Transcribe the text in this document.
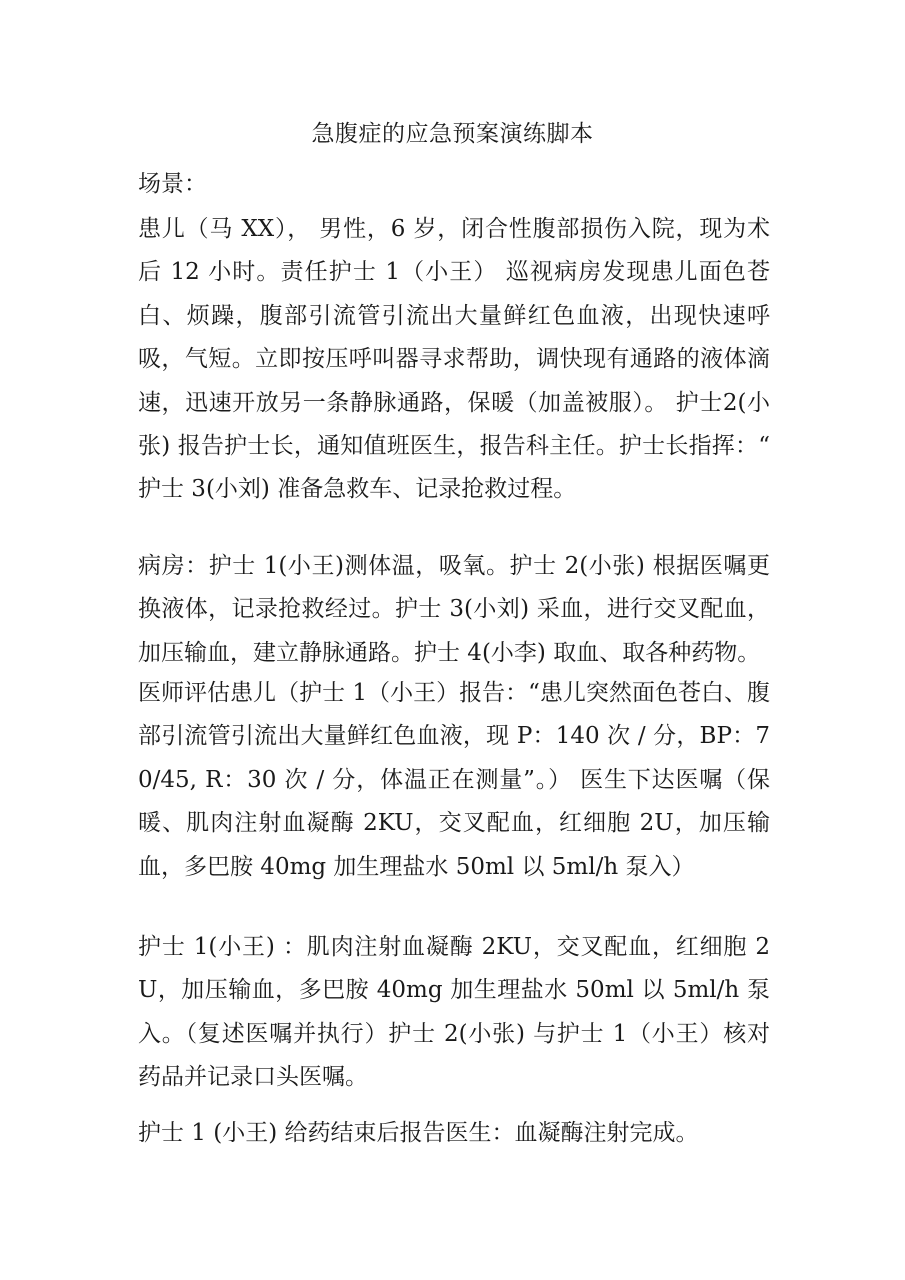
急腹症的应急预案演练脚本

场景：

患儿（马 XX）， 男性，6 岁，闭合性腹部损伤入院，现为术后 12 小时。责任护士 1（小王） 巡视病房发现患儿面色苍白、烦躁，腹部引流管引流出大量鲜红色血液，出现快速呼吸，气短。立即按压呼叫器寻求帮助，调快现有通路的液体滴速，迅速开放另一条静脉通路，保暖（加盖被服）。 护士2(小张) 报告护士长，通知值班医生，报告科主任。护士长指挥：“ 护士 3(小刘) 准备急救车、记录抢救过程。

病房：护士 1(小王)测体温，吸氧。护士 2(小张) 根据医嘱更换液体，记录抢救经过。护士 3(小刘) 采血，进行交叉配血，加压输血，建立静脉通路。护士 4(小李) 取血、取各种药物。

医师评估患儿（护士 1（小王）报告：“患儿突然面色苍白、腹部引流管引流出大量鲜红色血液，现 P：140 次 / 分，BP：70/45, R：30 次 / 分，体温正在测量”。） 医生下达医嘱（保暖、肌肉注射血凝酶 2KU，交叉配血，红细胞 2U，加压输血，多巴胺 40mg 加生理盐水 50ml 以 5ml/h 泵入）

护士 1(小王) ：肌肉注射血凝酶 2KU，交叉配血，红细胞 2U，加压输血，多巴胺 40mg 加生理盐水 50ml 以 5ml/h 泵入。（复述医嘱并执行）护士 2(小张) 与护士 1（小王）核对药品并记录口头医嘱。

护士 1 (小王) 给药结束后报告医生：血凝酶注射完成。
